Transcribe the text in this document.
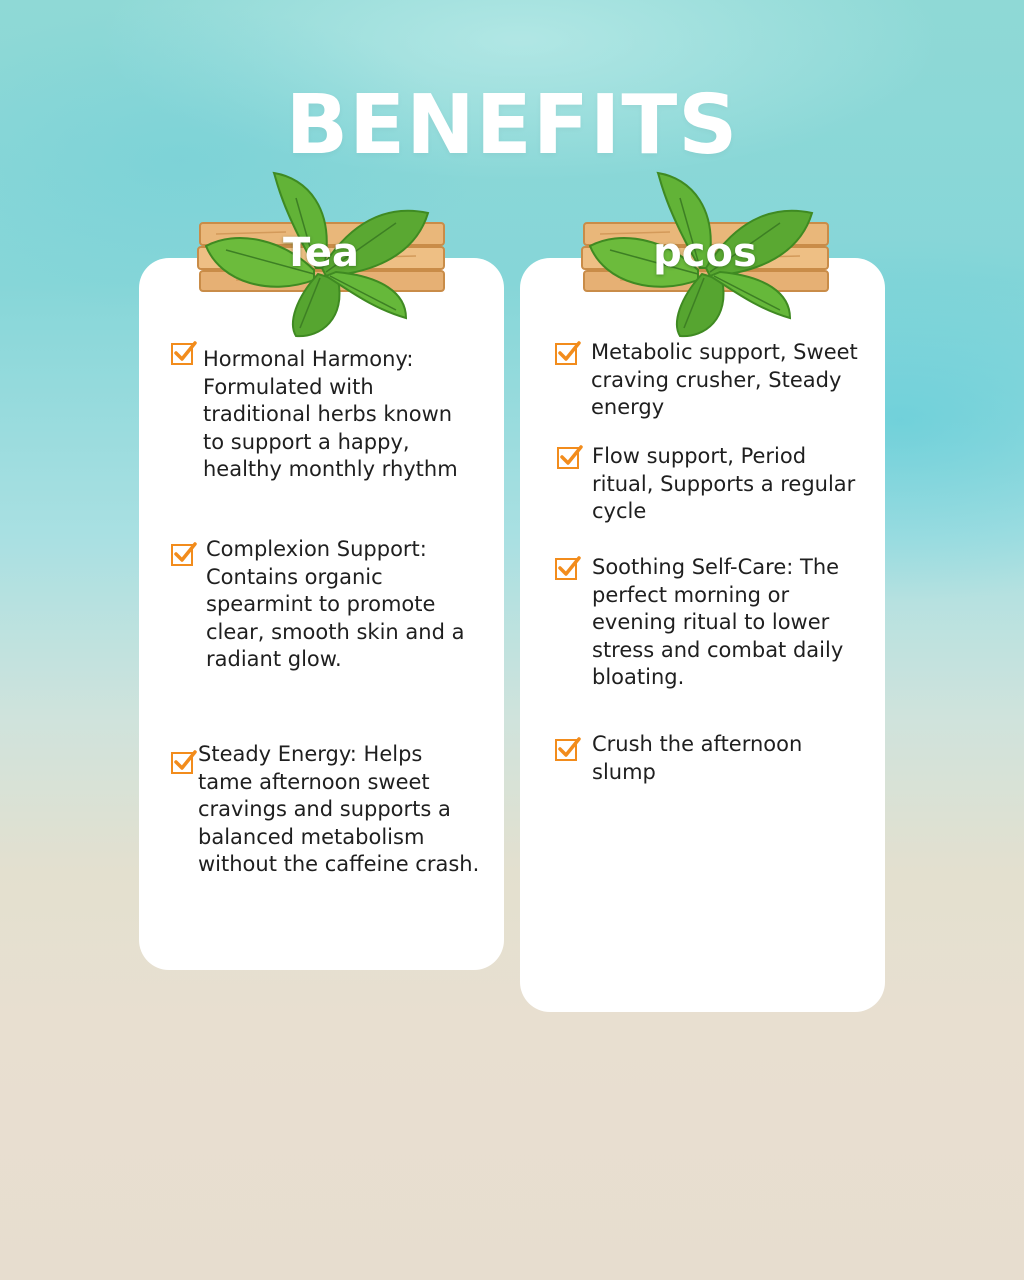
BENEFITS
Tea	pcos
Hormonal Harmony: Formulated with traditional herbs known to support a happy, healthy monthly rhythm
Complexion Support: Contains organic spearmint to promote clear, smooth skin and a radiant glow.
Steady Energy: Helps tame afternoon sweet cravings and supports a balanced metabolism without the caffeine crash.
Metabolic support, Sweet craving crusher, Steady energy
Flow support, Period ritual, Supports a regular cycle
Soothing Self-Care: The perfect morning or evening ritual to lower stress and combat daily bloating.
Crush the afternoon slump
